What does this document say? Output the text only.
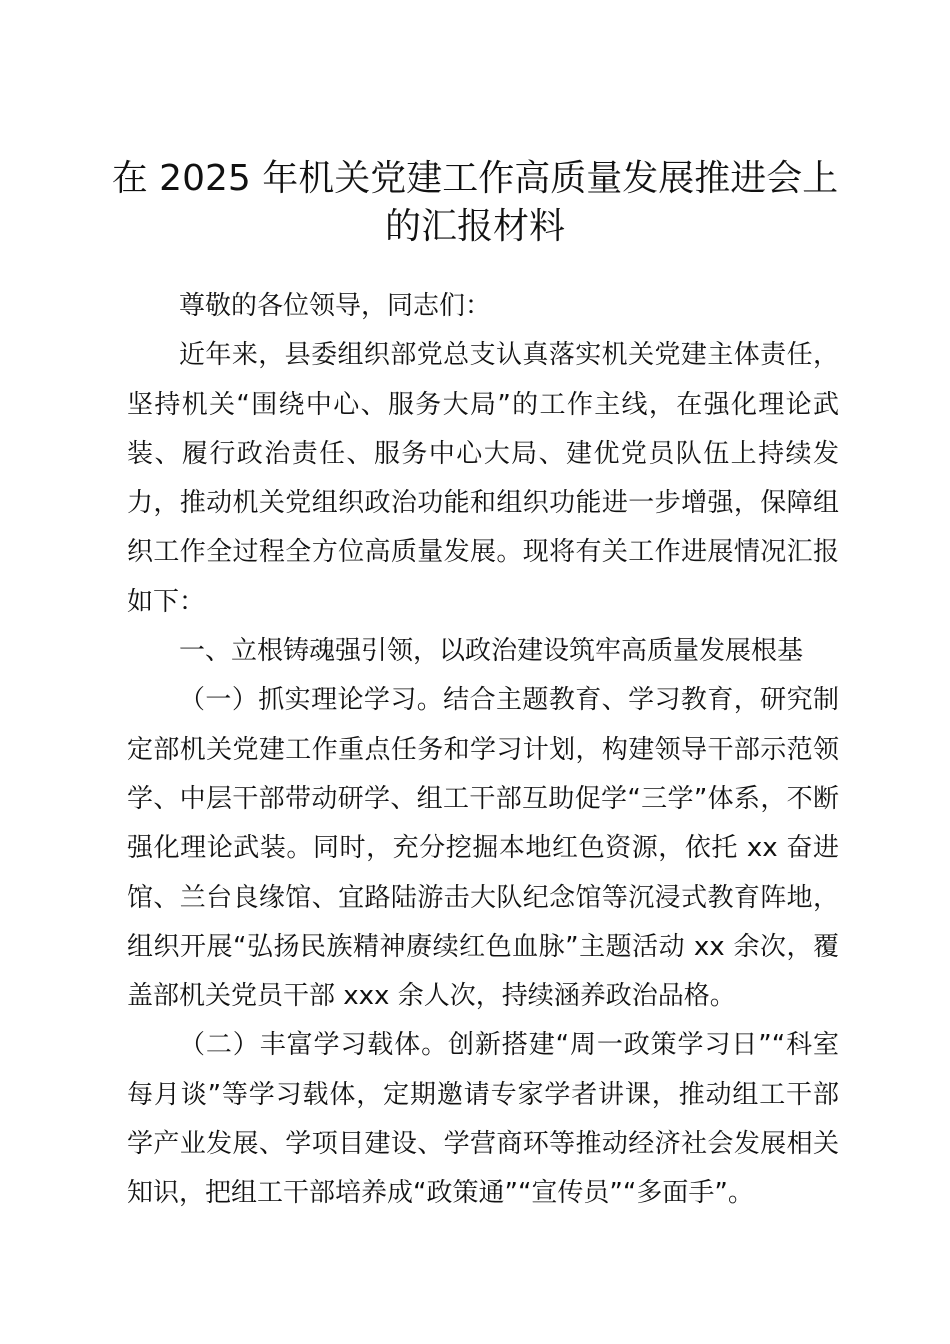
在 2025 年机关党建工作高质量发展推进会上
的汇报材料

尊敬的各位领导，同志们：

近年来，县委组织部党总支认真落实机关党建主体责任，坚持机关“围绕中心、服务大局”的工作主线，在强化理论武装、履行政治责任、服务中心大局、建优党员队伍上持续发力，推动机关党组织政治功能和组织功能进一步增强，保障组织工作全过程全方位高质量发展。现将有关工作进展情况汇报如下：

一、立根铸魂强引领，以政治建设筑牢高质量发展根基

（一）抓实理论学习。结合主题教育、学习教育，研究制定部机关党建工作重点任务和学习计划，构建领导干部示范领学、中层干部带动研学、组工干部互助促学“三学”体系，不断强化理论武装。同时，充分挖掘本地红色资源，依托 xx 奋进馆、兰台良缘馆、宜路陆游击大队纪念馆等沉浸式教育阵地，组织开展“弘扬民族精神赓续红色血脉”主题活动 xx 余次，覆盖部机关党员干部 xxx 余人次，持续涵养政治品格。

（二）丰富学习载体。创新搭建“周一政策学习日”“科室每月谈”等学习载体，定期邀请专家学者讲课，推动组工干部学产业发展、学项目建设、学营商环等推动经济社会发展相关知识，把组工干部培养成“政策通”“宣传员”“多面手”。
